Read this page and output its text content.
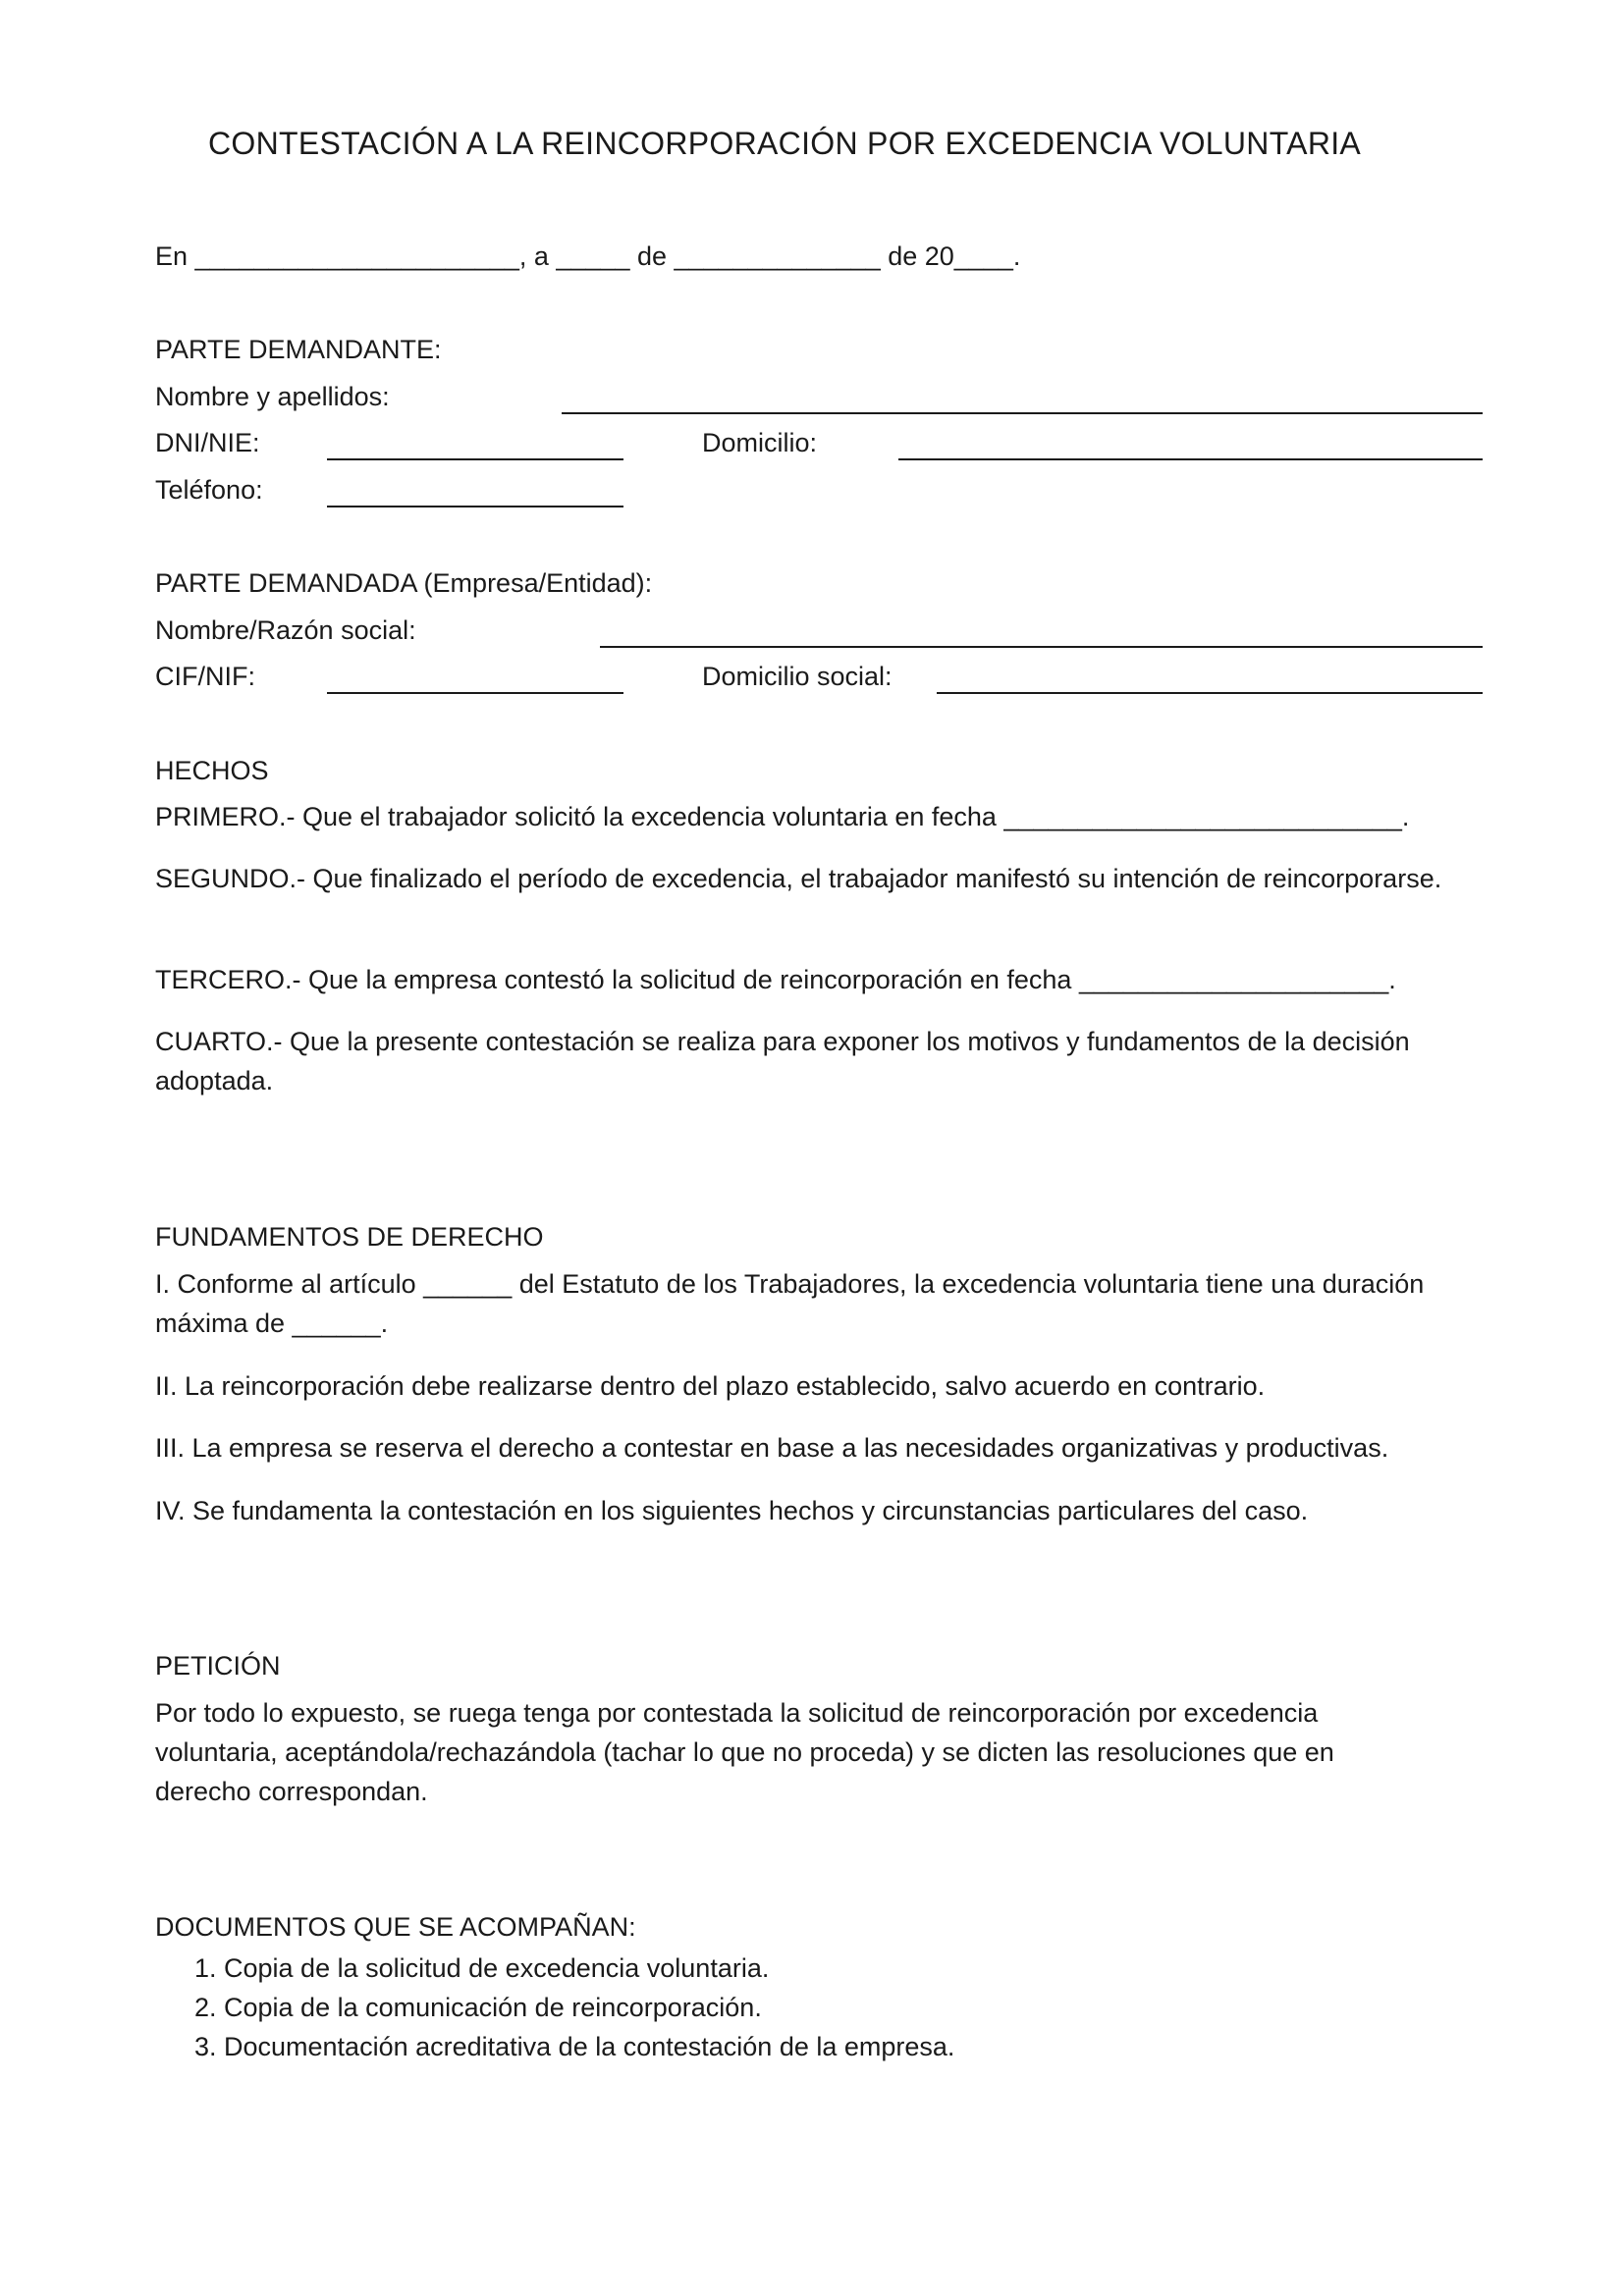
CONTESTACIÓN A LA REINCORPORACIÓN POR EXCEDENCIA VOLUNTARIA
En ______________________, a _____ de ______________ de 20____.
PARTE DEMANDANTE:
Nombre y apellidos:
DNI/NIE:	Domicilio:
Teléfono:
PARTE DEMANDADA (Empresa/Entidad):
Nombre/Razón social:
CIF/NIF:	Domicilio social:
HECHOS
PRIMERO.- Que el trabajador solicitó la excedencia voluntaria en fecha ___________________________.
SEGUNDO.- Que finalizado el período de excedencia, el trabajador manifestó su intención de reincorporarse.
TERCERO.- Que la empresa contestó la solicitud de reincorporación en fecha _____________________.
CUARTO.- Que la presente contestación se realiza para exponer los motivos y fundamentos de la decisión adoptada.
FUNDAMENTOS DE DERECHO
I. Conforme al artículo ______ del Estatuto de los Trabajadores, la excedencia voluntaria tiene una duración máxima de ______.
II. La reincorporación debe realizarse dentro del plazo establecido, salvo acuerdo en contrario.
III. La empresa se reserva el derecho a contestar en base a las necesidades organizativas y productivas.
IV. Se fundamenta la contestación en los siguientes hechos y circunstancias particulares del caso.
PETICIÓN
Por todo lo expuesto, se ruega tenga por contestada la solicitud de reincorporación por excedencia voluntaria, aceptándola/rechazándola (tachar lo que no proceda) y se dicten las resoluciones que en derecho correspondan.
DOCUMENTOS QUE SE ACOMPAÑAN:
1. Copia de la solicitud de excedencia voluntaria.
2. Copia de la comunicación de reincorporación.
3. Documentación acreditativa de la contestación de la empresa.
